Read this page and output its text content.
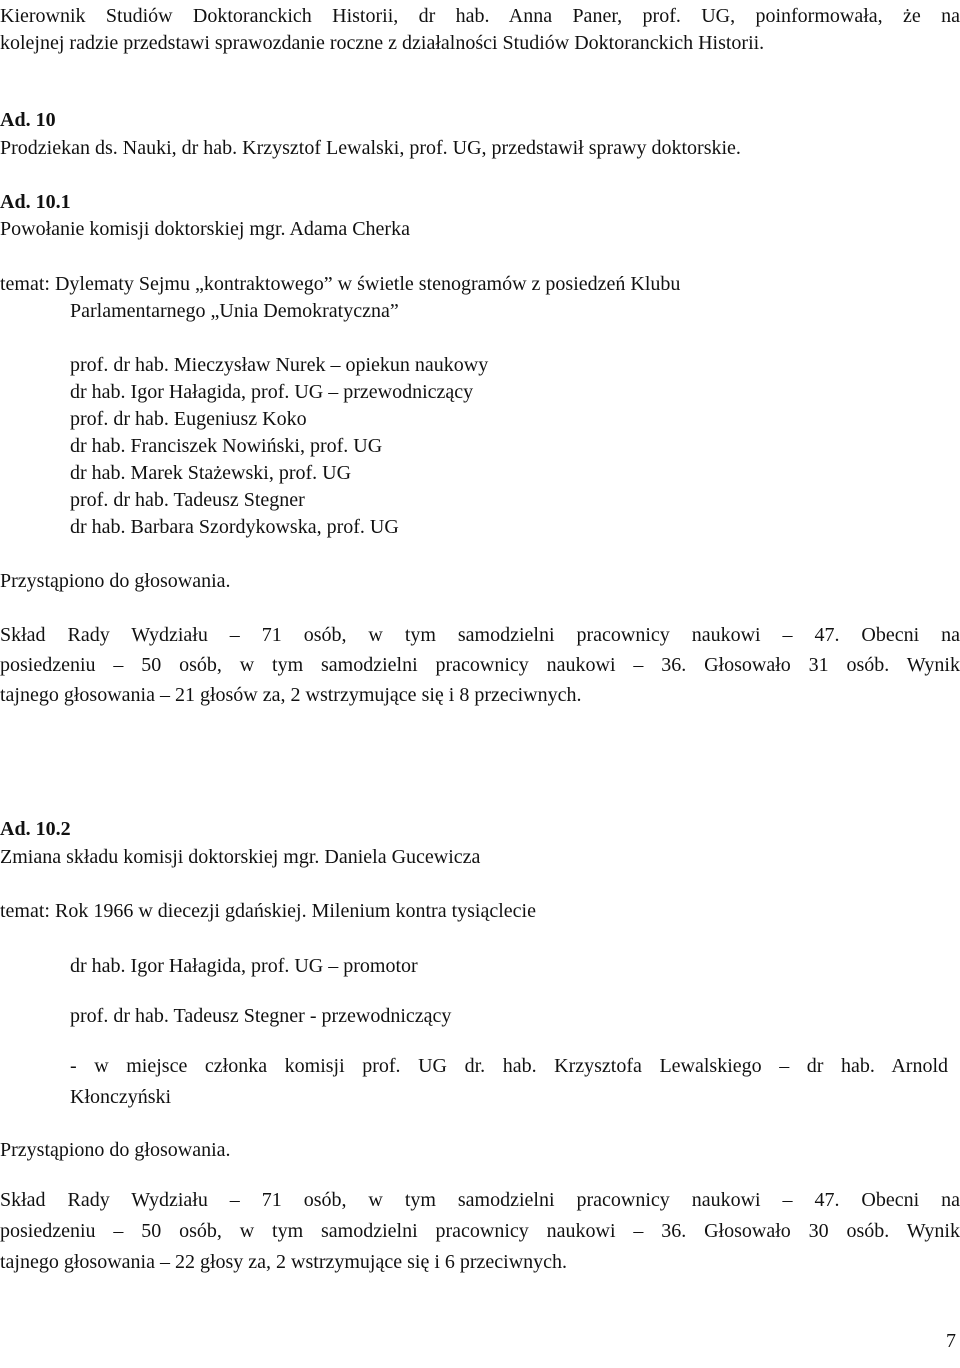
Kierownik Studiów Doktoranckich Historii, dr hab. Anna Paner, prof. UG, poinformowała, że na
kolejnej radzie przedstawi sprawozdanie roczne z działalności Studiów Doktoranckich Historii.
Ad. 10
Prodziekan ds. Nauki, dr hab. Krzysztof Lewalski, prof. UG, przedstawił sprawy doktorskie.
Ad. 10.1
Powołanie komisji doktorskiej mgr. Adama Cherka
temat: Dylematy Sejmu „kontraktowego” w świetle stenogramów z posiedzeń Klubu
Parlamentarnego „Unia Demokratyczna”
prof. dr hab. Mieczysław Nurek – opiekun naukowy
dr hab. Igor Hałagida, prof. UG – przewodniczący
prof. dr hab. Eugeniusz Koko
dr hab. Franciszek Nowiński, prof. UG
dr hab. Marek Stażewski, prof. UG
prof. dr hab. Tadeusz Stegner
dr hab. Barbara Szordykowska, prof. UG
Przystąpiono do głosowania.
Skład Rady Wydziału – 71 osób, w tym samodzielni pracownicy naukowi – 47. Obecni na
posiedzeniu – 50 osób, w tym samodzielni pracownicy naukowi – 36. Głosowało 31 osób. Wynik
tajnego głosowania – 21 głosów za, 2 wstrzymujące się i 8 przeciwnych.
Ad. 10.2
Zmiana składu komisji doktorskiej mgr. Daniela Gucewicza
temat: Rok 1966 w diecezji gdańskiej. Milenium kontra tysiąclecie
dr hab. Igor Hałagida, prof. UG – promotor
prof. dr hab. Tadeusz Stegner - przewodniczący
- w miejsce członka komisji prof. UG dr. hab. Krzysztofa Lewalskiego – dr hab. Arnold
Kłonczyński
Przystąpiono do głosowania.
Skład Rady Wydziału – 71 osób, w tym samodzielni pracownicy naukowi – 47. Obecni na
posiedzeniu – 50 osób, w tym samodzielni pracownicy naukowi – 36. Głosowało 30 osób. Wynik
tajnego głosowania – 22 głosy za, 2 wstrzymujące się i 6 przeciwnych.
7
